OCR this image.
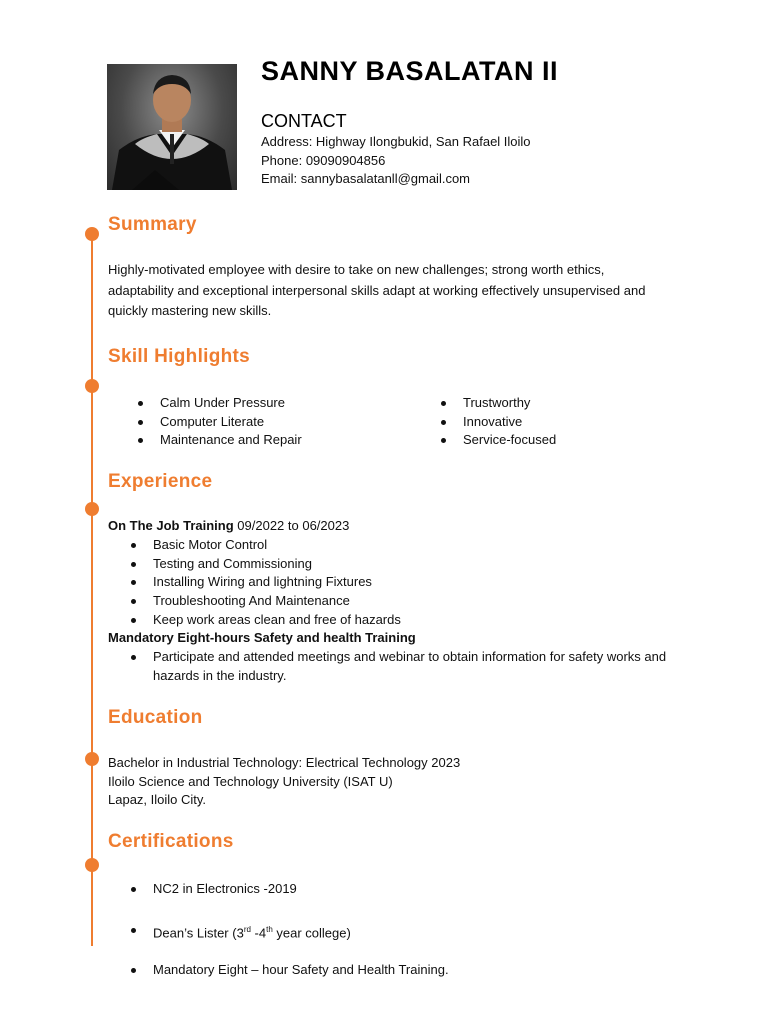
SANNY BASALATAN II
CONTACT
Address: Highway Ilongbukid, San Rafael Iloilo
Phone: 09090904856
Email: sannybasalatanll@gmail.com
Summary
Highly-motivated employee with desire to take on new challenges; strong worth ethics,
adaptability and exceptional interpersonal skills adapt at working effectively unsupervised and
quickly mastering new skills.
Skill Highlights
Calm Under Pressure
Computer Literate
Maintenance and Repair
Trustworthy
Innovative
Service-focused
Experience
On The Job Training 09/2022 to 06/2023
Basic Motor Control
Testing and Commissioning
Installing Wiring and lightning Fixtures
Troubleshooting And Maintenance
Keep work areas clean and free of hazards
Mandatory Eight-hours Safety and health Training
Participate and attended meetings and webinar to obtain information for safety works and
hazards in the industry.
Education
Bachelor in Industrial Technology: Electrical Technology 2023
Iloilo Science and Technology University (ISAT U)
Lapaz, Iloilo City.
Certifications
NC2 in Electronics -2019
Dean’s Lister (3rd -4th year college)
Mandatory Eight – hour Safety and Health Training.
